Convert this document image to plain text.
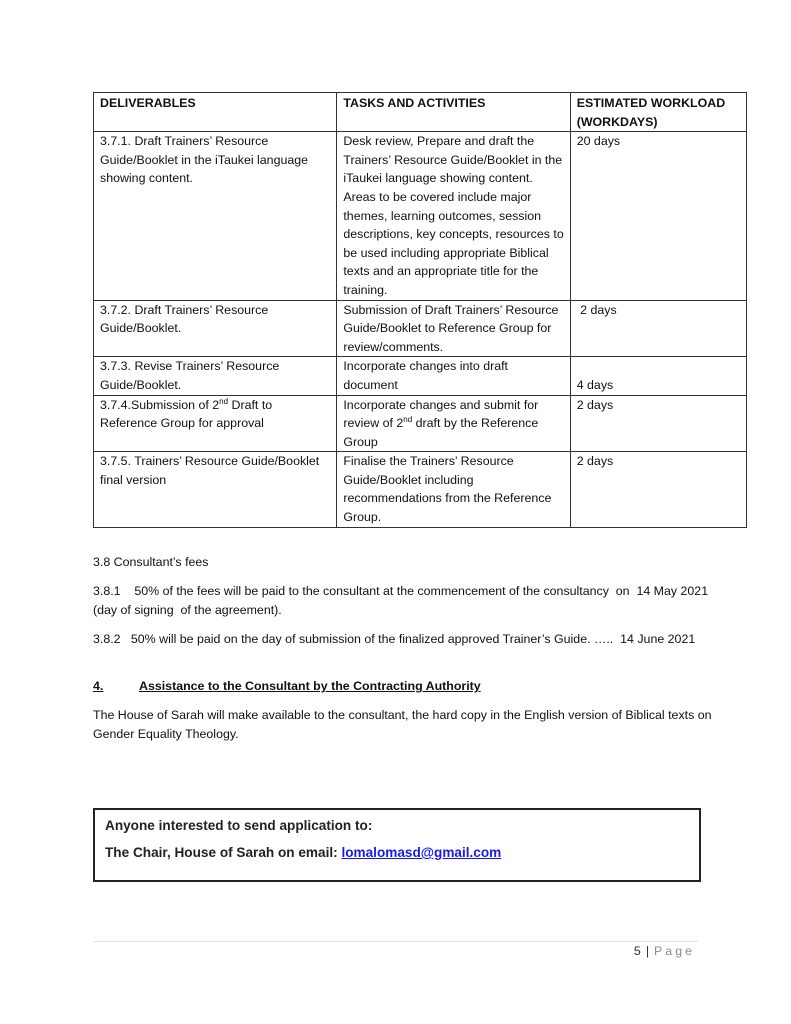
DELIVERABLES	TASKS AND ACTIVITIES	ESTIMATED WORKLOAD (WORKDAYS)
3.7.1. Draft Trainers’ Resource Guide/Booklet in the iTaukei language showing content.	Desk review, Prepare and draft the Trainers’ Resource Guide/Booklet in the iTaukei language showing content. Areas to be covered include major themes, learning outcomes, session descriptions, key concepts, resources to be used including appropriate Biblical texts and an appropriate title for the training.	20 days
3.7.2. Draft Trainers’ Resource Guide/Booklet.	Submission of Draft Trainers’ Resource Guide/Booklet to Reference Group for review/comments.	2 days
3.7.3. Revise Trainers’ Resource Guide/Booklet.	Incorporate changes into draft document	4 days
3.7.4.Submission of 2nd Draft to Reference Group for approval	Incorporate changes and submit for review of 2nd draft by the Reference Group	2 days
3.7.5. Trainers’ Resource Guide/Booklet final version	Finalise the Trainers’ Resource Guide/Booklet including recommendations from the Reference Group.	2 days

3.8 Consultant’s fees

3.8.1    50% of the fees will be paid to the consultant at the commencement of the consultancy  on  14 May 2021 (day of signing  of the agreement).

3.8.2   50% will be paid on the day of submission of the finalized approved Trainer’s Guide. …..  14 June 2021

4.	Assistance to the Consultant by the Contracting Authority

The House of Sarah will make available to the consultant, the hard copy in the English version of Biblical texts on Gender Equality Theology.

Anyone interested to send application to:
The Chair, House of Sarah on email: lomalomasd@gmail.com
5 | Page
